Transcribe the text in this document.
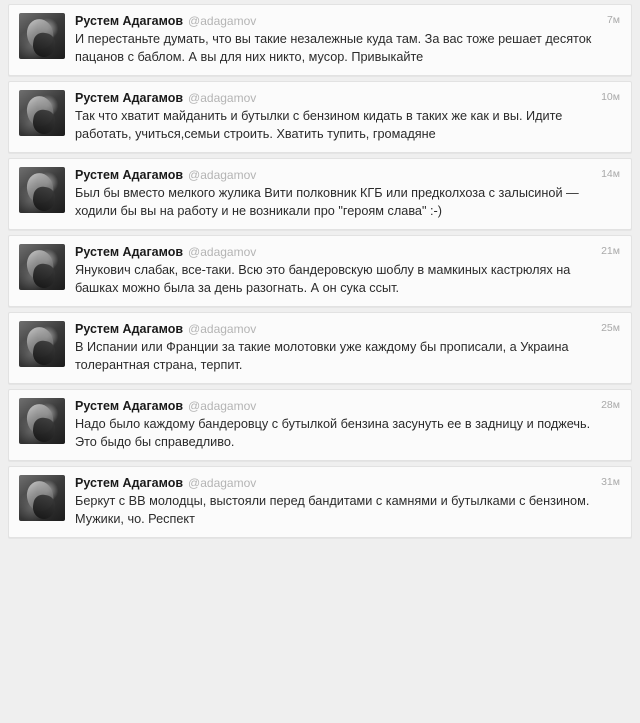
Рустем Адагамов @adagamov
И перестаньте думать, что вы такие незалежные куда там. За вас тоже решает десяток пацанов с баблом. А вы для них никто, мусор. Привыкайте
7м
Рустем Адагамов @adagamov
Так что хватит майданить и бутылки с бензином кидать в таких же как и вы. Идите работать, учиться,семьи строить. Хватить тупить, громадяне
10м
Рустем Адагамов @adagamov
Был бы вместо мелкого жулика Вити полковник КГБ или предколхоза с залысиной — ходили бы вы на работу и не возникали про "героям слава" :-)
14м
Рустем Адагамов @adagamov
Янукович слабак, все-таки. Всю это бандеровскую шоблу в мамкиных кастрюлях на башках можно была за день разогнать. А он сука ссыт.
21м
Рустем Адагамов @adagamov
В Испании или Франции за такие молотовки уже каждому бы прописали, а Украина толерантная страна, терпит.
25м
Рустем Адагамов @adagamov
Надо было каждому бандеровцу с бутылкой бензина засунуть ее в задницу и поджечь. Это быдо бы справедливо.
28м
Рустем Адагамов @adagamov
Беркут с ВВ молодцы, выстояли перед бандитами с камнями и бутылками с бензином. Мужики, чо. Респект
31м
